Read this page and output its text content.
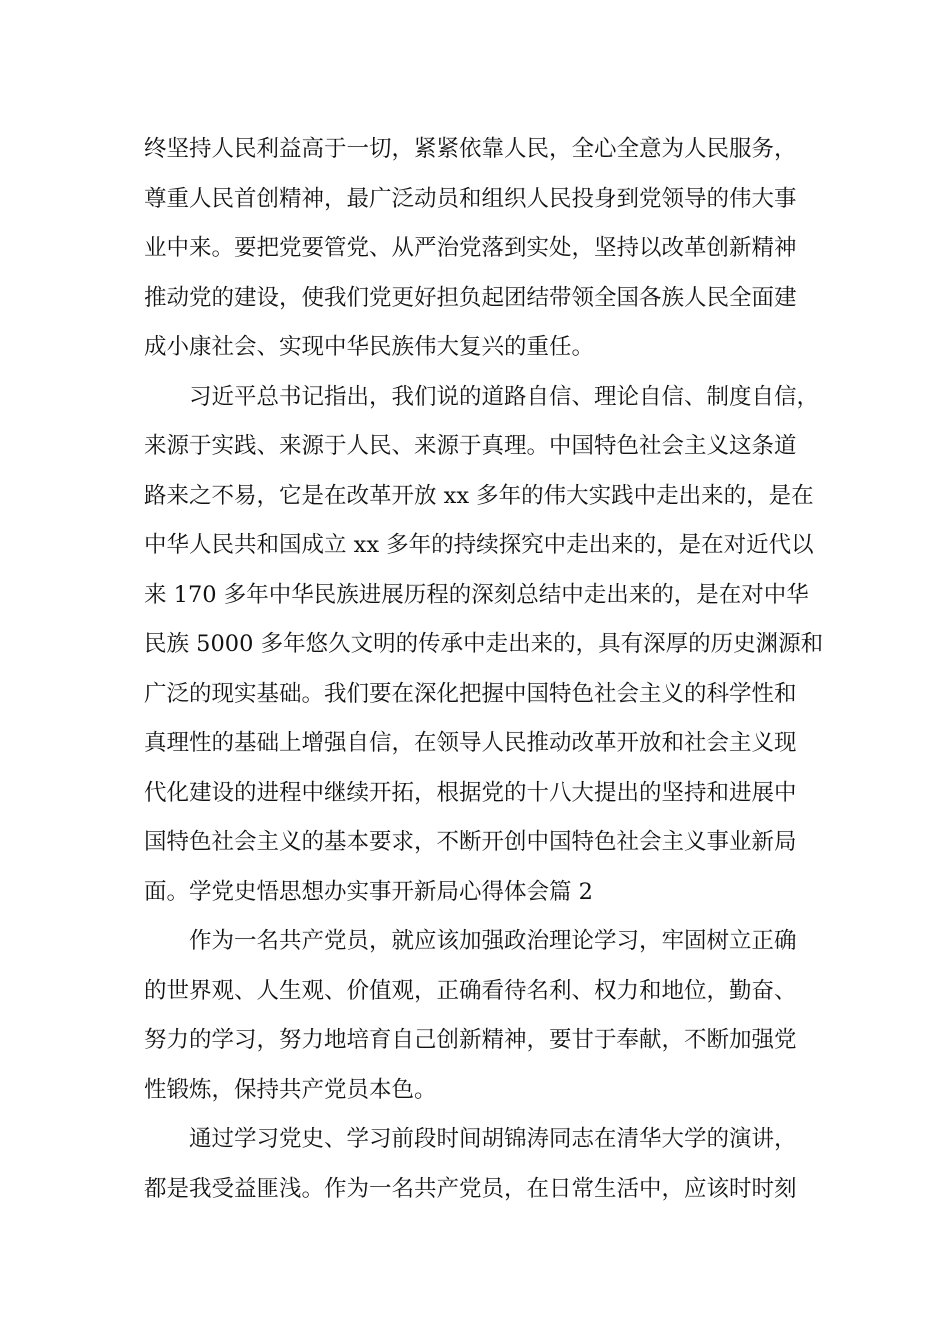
终坚持人民利益高于一切，紧紧依靠人民，全心全意为人民服务，
尊重人民首创精神，最广泛动员和组织人民投身到党领导的伟大事
业中来。要把党要管党、从严治党落到实处，坚持以改革创新精神
推动党的建设，使我们党更好担负起团结带领全国各族人民全面建
成小康社会、实现中华民族伟大复兴的重任。
习近平总书记指出，我们说的道路自信、理论自信、制度自信，
来源于实践、来源于人民、来源于真理。中国特色社会主义这条道
路来之不易，它是在改革开放 xx 多年的伟大实践中走出来的，是在
中华人民共和国成立 xx 多年的持续探究中走出来的，是在对近代以
来 170 多年中华民族进展历程的深刻总结中走出来的，是在对中华
民族 5000 多年悠久文明的传承中走出来的，具有深厚的历史渊源和
广泛的现实基础。我们要在深化把握中国特色社会主义的科学性和
真理性的基础上增强自信，在领导人民推动改革开放和社会主义现
代化建设的进程中继续开拓，根据党的十八大提出的坚持和进展中
国特色社会主义的基本要求，不断开创中国特色社会主义事业新局
面。学党史悟思想办实事开新局心得体会篇 2
作为一名共产党员，就应该加强政治理论学习，牢固树立正确
的世界观、人生观、价值观，正确看待名利、权力和地位，勤奋、
努力的学习，努力地培育自己创新精神，要甘于奉献，不断加强党
性锻炼，保持共产党员本色。
通过学习党史、学习前段时间胡锦涛同志在清华大学的演讲，
都是我受益匪浅。作为一名共产党员，在日常生活中，应该时时刻
